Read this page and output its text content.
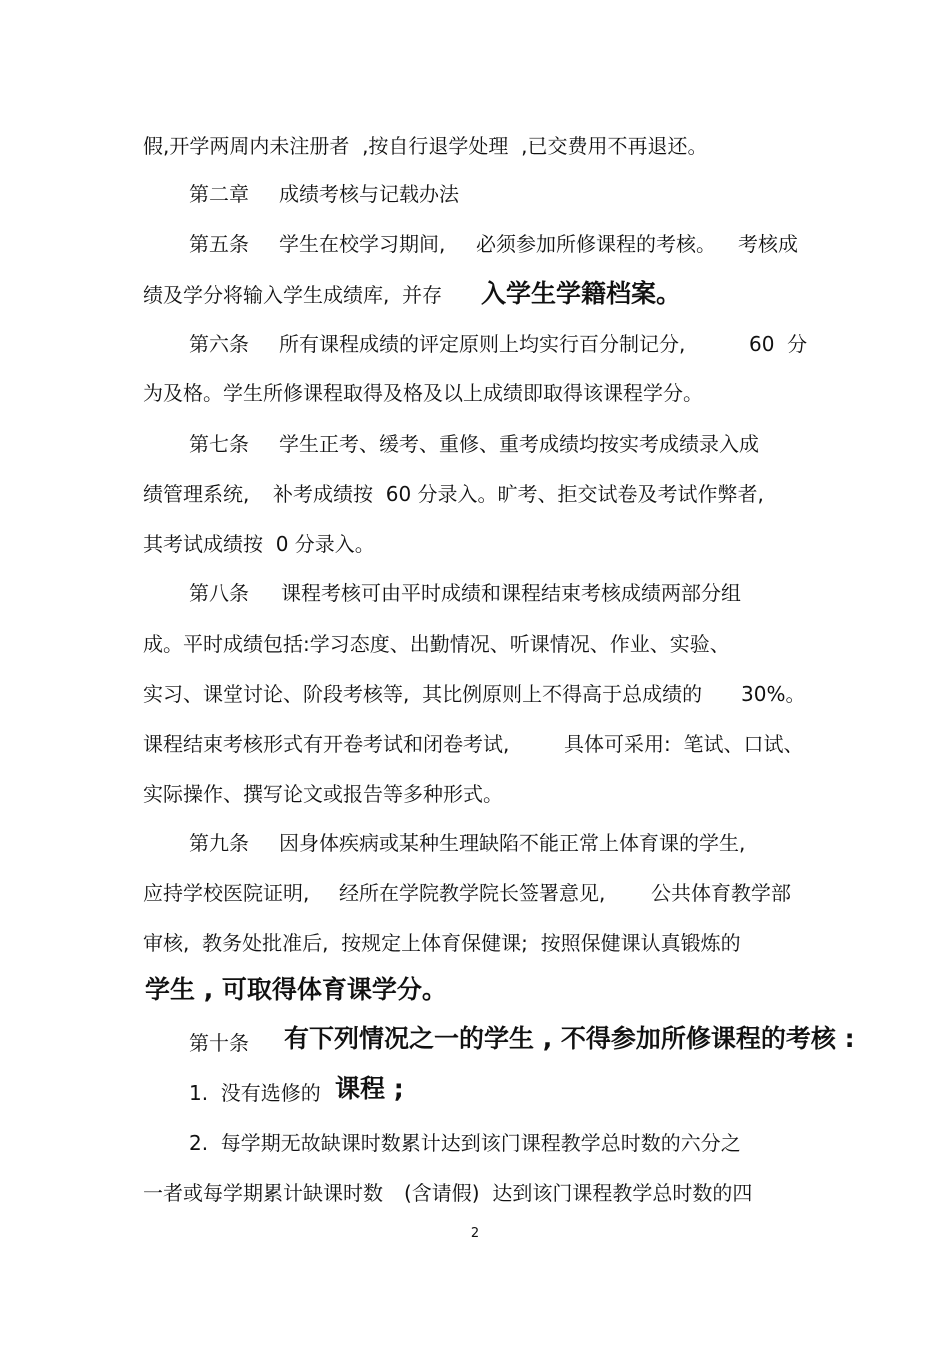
假,开学两周内未注册者  ,按自行退学处理  ,已交费用不再退还。
第二章 成绩考核与记载办法
第五条 学生在校学习期间, 必须参加所修课程的考核。 考核成
绩及学分将输入学生成绩库,  并存 入学生学籍档案。
第六条 所有课程成绩的评定原则上均实行百分制记分,	60  分
为及格。学生所修课程取得及格及以上成绩即取得该课程学分。
第七条 学生正考、缓考、重修、重考成绩均按实考成绩录入成
绩管理系统, 补考成绩按  60 分录入。旷考、拒交试卷及考试作弊者,
其考试成绩按  0 分录入。
第八条 课程考核可由平时成绩和课程结束考核成绩两部分组
成。平时成绩包括:学习态度、出勤情况、听课情况、作业、实验、
实习、课堂讨论、阶段考核等,  其比例原则上不得高于总成绩的 30%。
课程结束考核形式有开卷考试和闭卷考试,	具体可采用:  笔试、口试、
实际操作、撰写论文或报告等多种形式。
第九条 因身体疾病或某种生理缺陷不能正常上体育课的学生,
应持学校医院证明, 经所在学院教学院长签署意见, 公共体育教学部
审核,  教务处批准后,  按规定上体育保健课;  按照保健课认真锻炼的
学生 , 可取得体育课学分。
第十条 有下列情况之一的学生 , 不得参加所修课程的考核 :
1.  没有选修的 课程 ;
2.  每学期无故缺课时数累计达到该门课程教学总时数的六分之
一者或每学期累计缺课时数 (含请假)  达到该门课程教学总时数的四
2
